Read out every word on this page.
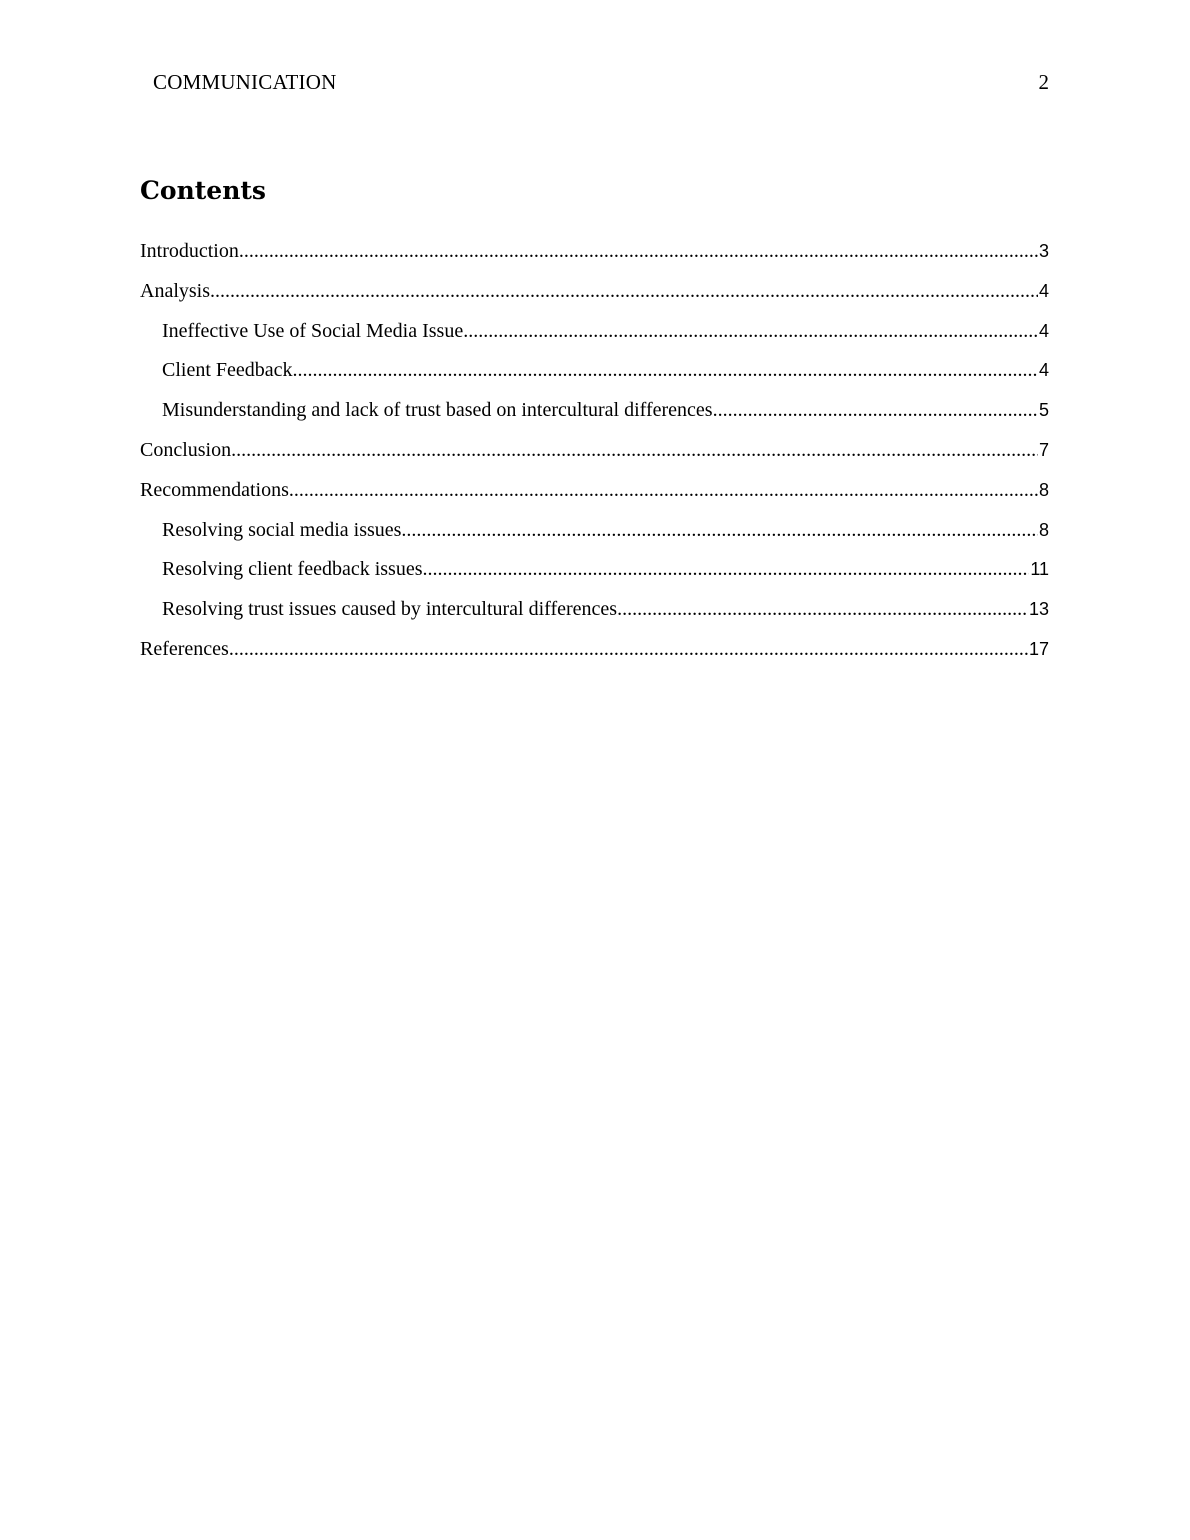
COMMUNICATION	2
Contents
Introduction .....	3
Analysis .....	4
Ineffective Use of Social Media Issue .....	4
Client Feedback .....	4
Misunderstanding and lack of trust based on intercultural differences .....	5
Conclusion .....	7
Recommendations .....	8
Resolving social media issues .....	8
Resolving client feedback issues .....	11
Resolving trust issues caused by intercultural differences .....	13
References .....	17
